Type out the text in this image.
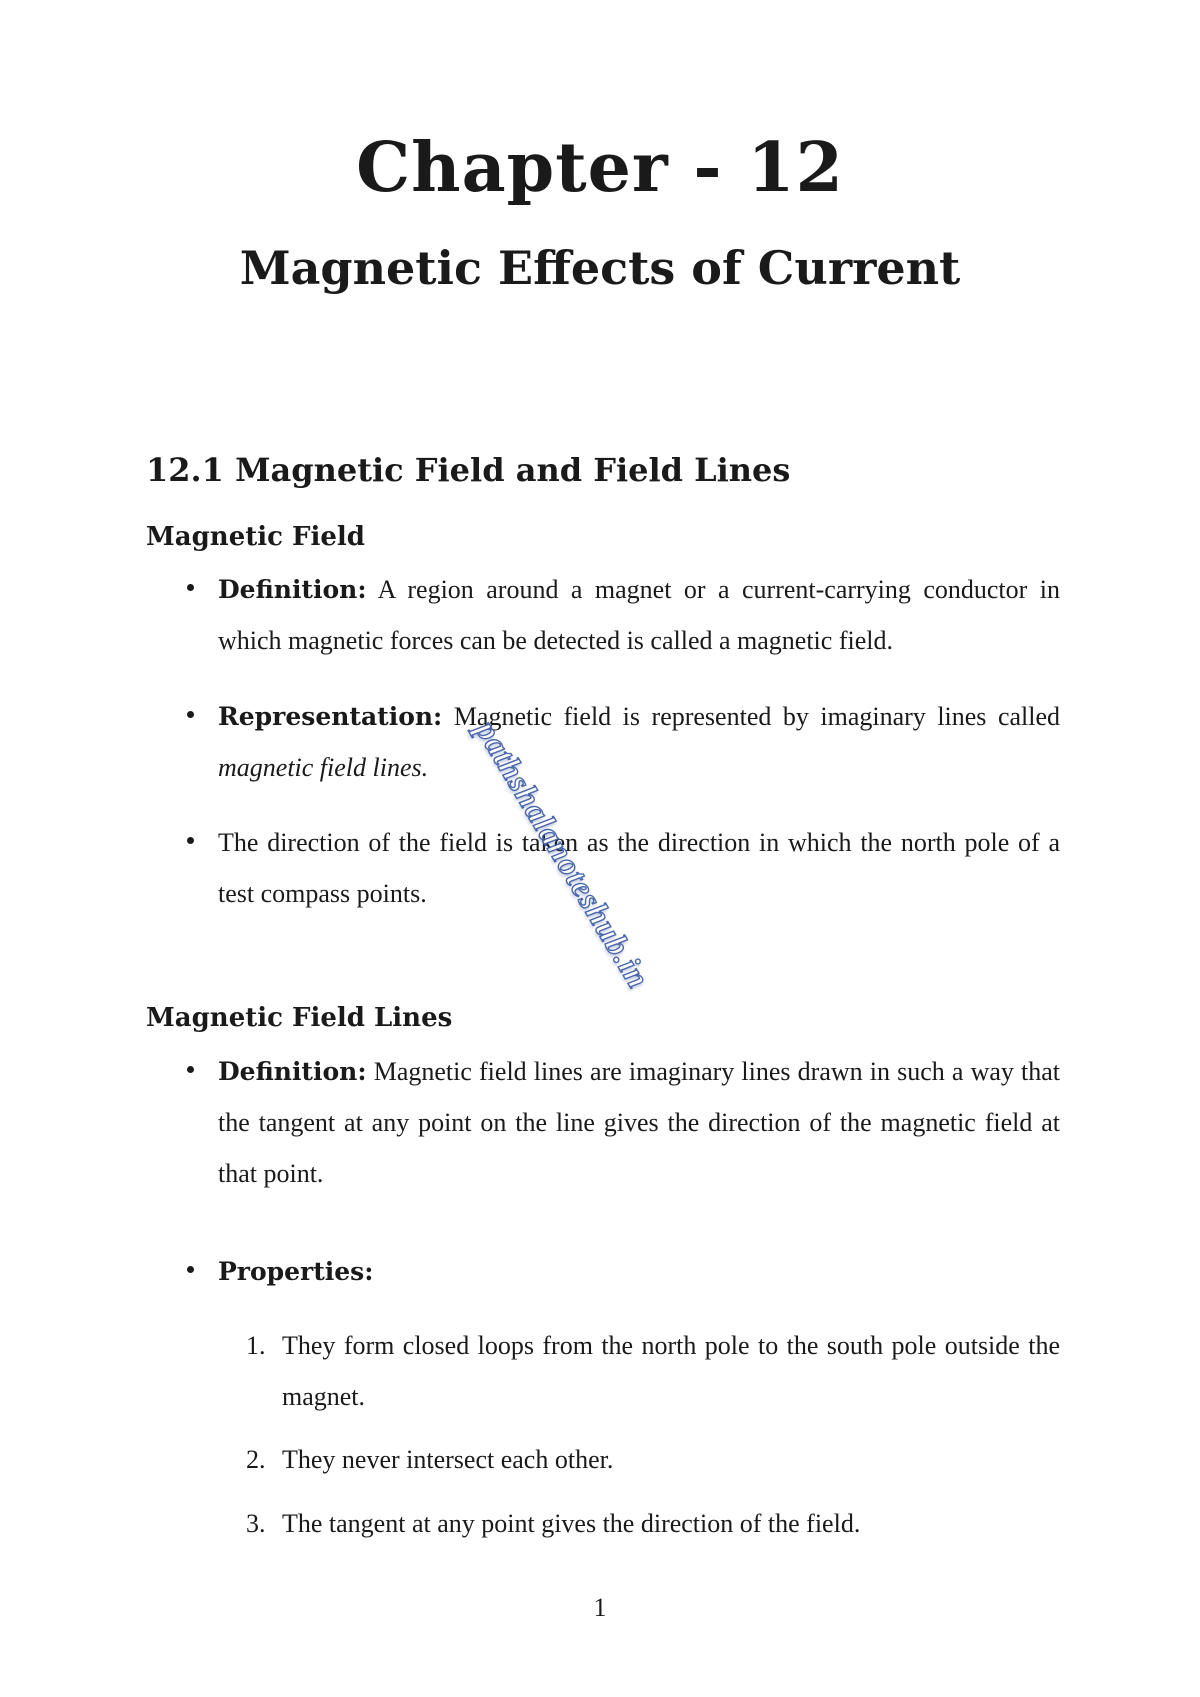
Chapter - 12
Magnetic Effects of Current
12.1 Magnetic Field and Field Lines
Magnetic Field

Definition: A region around a magnet or a current-carrying conductor in which magnetic forces can be detected is called a magnetic field.

Representation: Magnetic field is represented by imaginary lines called magnetic field lines.

The direction of the field is taken as the direction in which the north pole of a test compass points.

Magnetic Field Lines

Definition: Magnetic field lines are imaginary lines drawn in such a way that the tangent at any point on the line gives the direction of the magnetic field at that point.

Properties:

1. They form closed loops from the north pole to the south pole outside the magnet.

2. They never intersect each other.

3. The tangent at any point gives the direction of the field.

1
pathshalanoteshub.in
